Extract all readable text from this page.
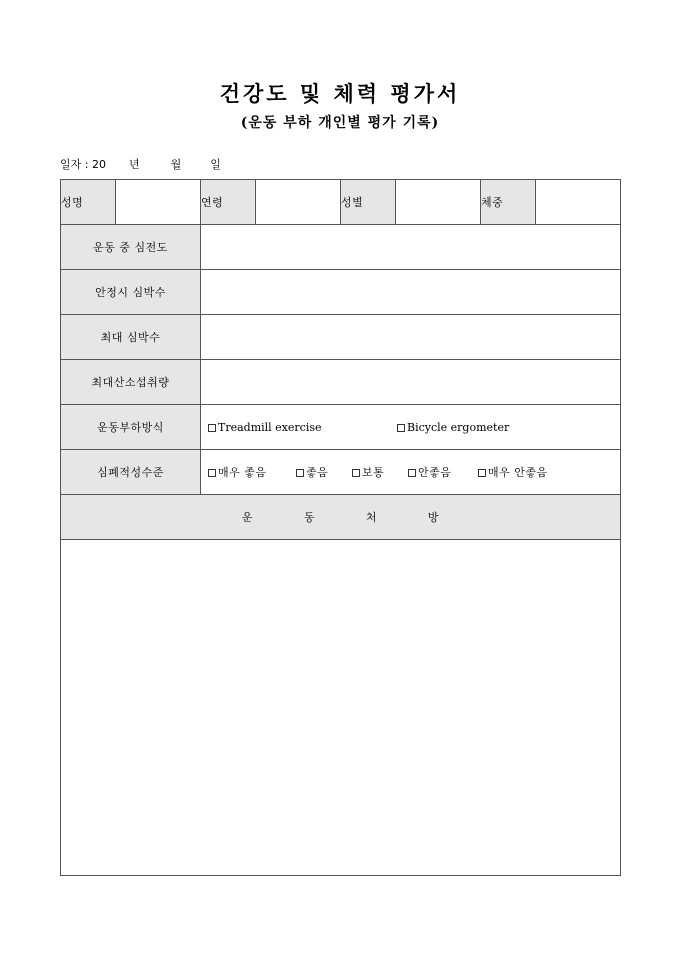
건강도 및 체력 평가서
(운동 부하 개인별 평가 기록)
일자 : 20 년	월	일
성명		연령		성별		체중	
운동 중 심전도							
안정시 심박수							
최대 심박수							
최대산소섭취량							
운동부하방식		Treadmill exercise Bicycle ergometer					
심폐적성수준		매우 좋음 좋음 보통 안좋음 매우 안좋음					
운 동 처 방							
